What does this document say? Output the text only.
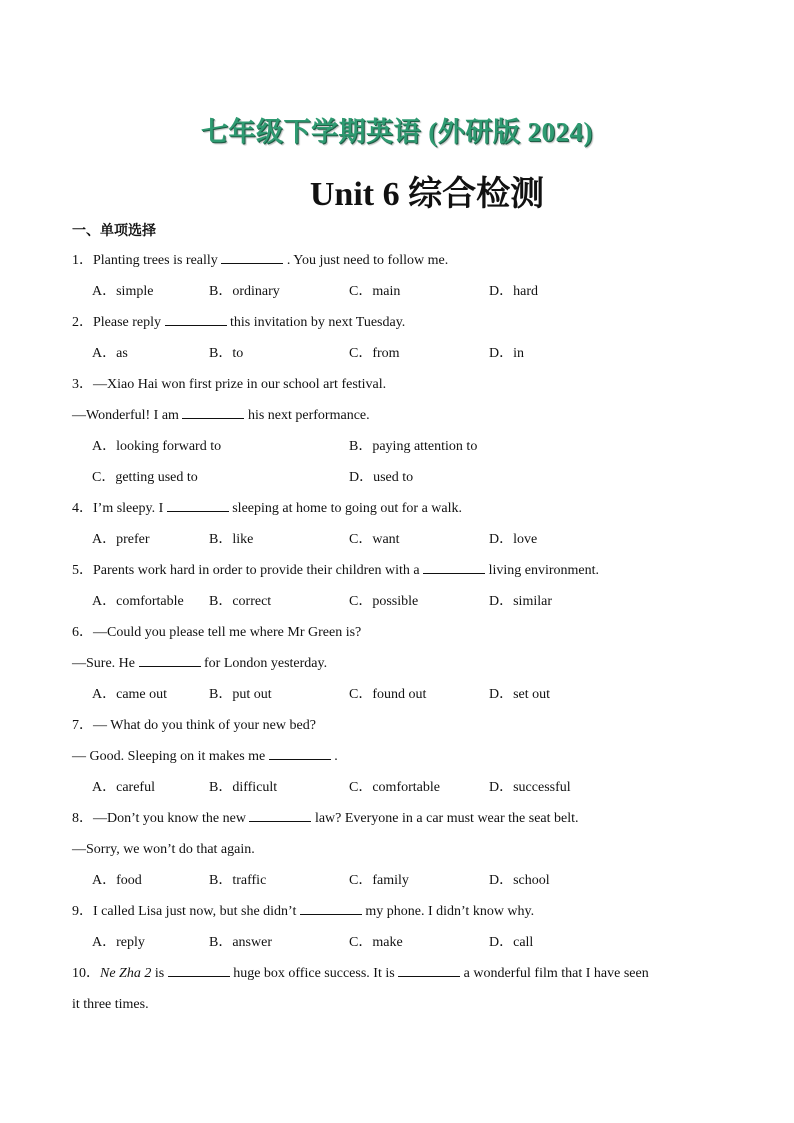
七年级下学期英语 (外研版 2024)
Unit 6 综合检测
一、单项选择
1．Planting trees is really	. You just need to follow me.
A．simple	B．ordinary	C．main	D．hard
2．Please reply	this invitation by next Tuesday.
A．as	B．to	C．from	D．in
3．—Xiao Hai won first prize in our school art festival.
—Wonderful! I am	his next performance.
A．looking forward to	B．paying attention to
C．getting used to	D．used to
4．I’m sleepy. I	sleeping at home to going out for a walk.
A．prefer	B．like	C．want	D．love
5．Parents work hard in order to provide their children with a	living environment.
A．comfortable	B．correct	C．possible	D．similar
6．—Could you please tell me where Mr Green is?
—Sure. He	for London yesterday.
A．came out	B．put out	C．found out	D．set out
7．— What do you think of your new bed?
— Good. Sleeping on it makes me	.
A．careful	B．difficult	C．comfortable	D．successful
8．—Don’t you know the new	law? Everyone in a car must wear the seat belt.
—Sorry, we won’t do that again.
A．food	B．traffic	C．family	D．school
9．I called Lisa just now, but she didn’t	my phone. I didn’t know why.
A．reply	B．answer	C．make	D．call
10．Ne Zha 2 is	huge box office success. It is	a wonderful film that I have seen
it three times.
